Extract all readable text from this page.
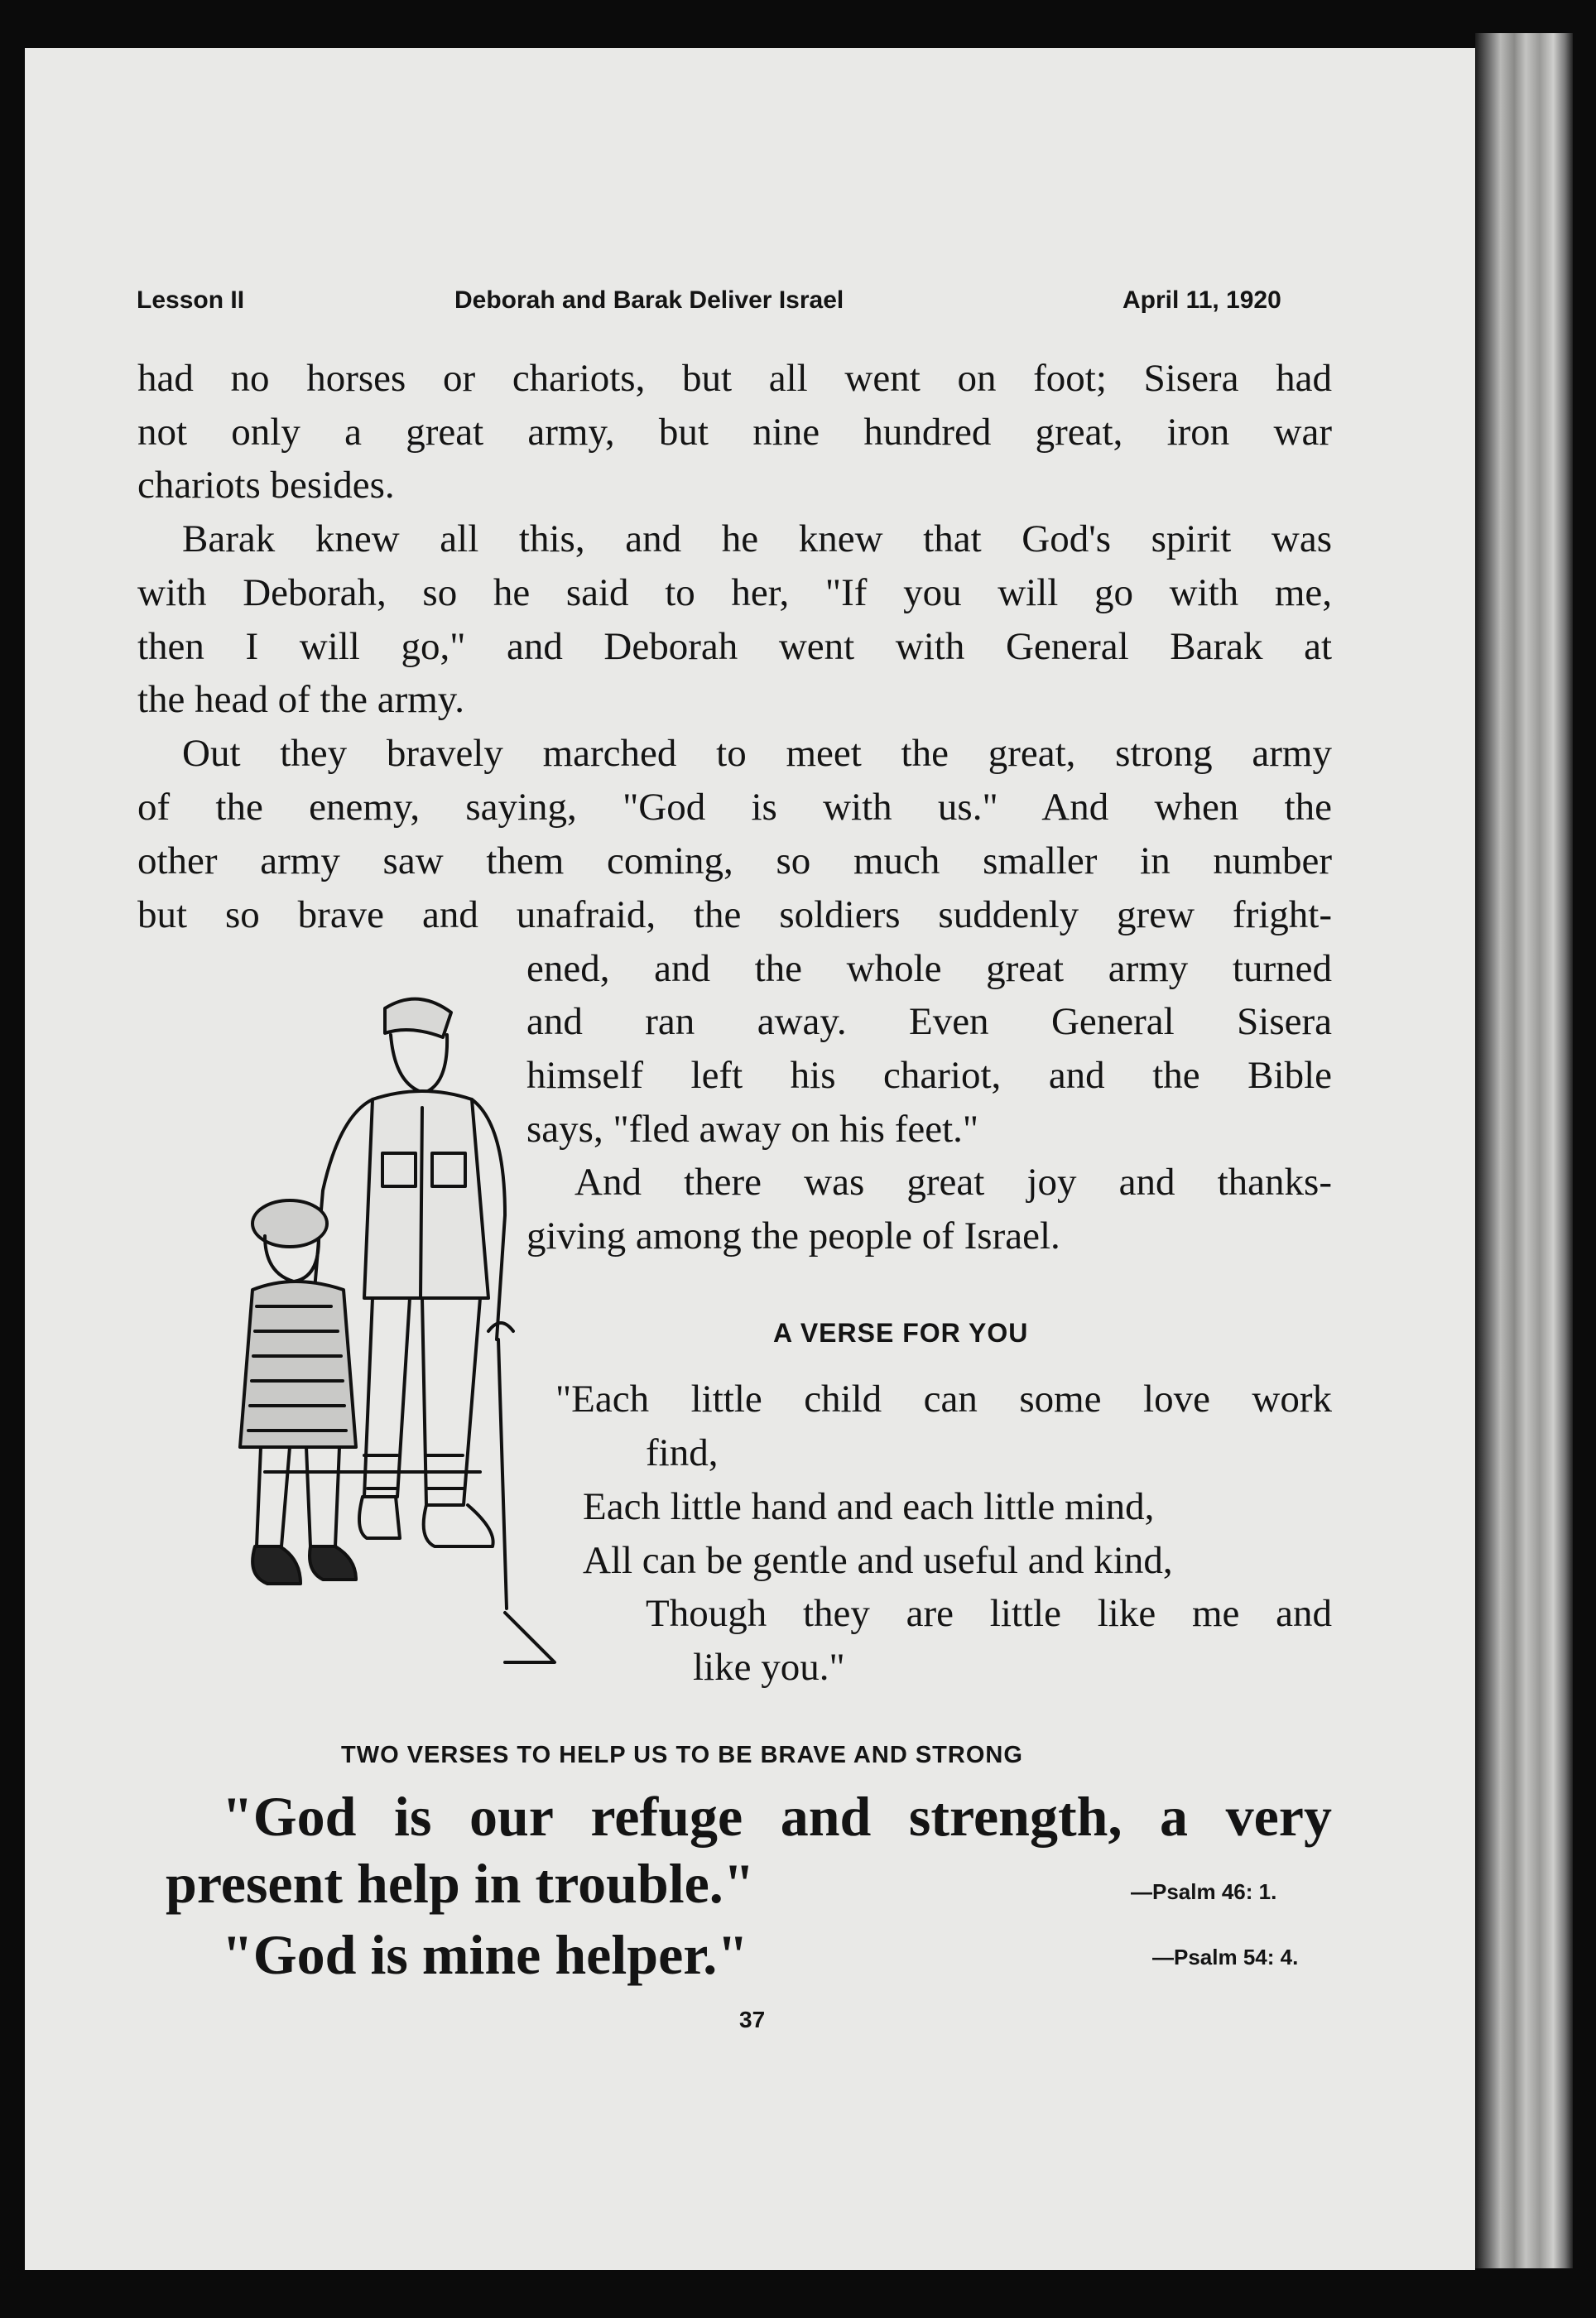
Lesson II	Deborah and Barak Deliver Israel	April 11, 1920

had no horses or chariots, but all went on foot; Sisera had

not only a great army, but nine hundred great, iron war

chariots besides.

Barak knew all this, and he knew that God's spirit was

with Deborah, so he said to her, "If you will go with me,

then I will go," and Deborah went with General Barak at

the head of the army.

Out they bravely marched to meet the great, strong army

of the enemy, saying, "God is with us." And when the

other army saw them coming, so much smaller in number

but so brave and unafraid, the soldiers suddenly grew fright-

ened, and the whole great army turned

and ran away. Even General Sisera

himself left his chariot, and the Bible

says, "fled away on his feet."

And there was great joy and thanks-

giving among the people of Israel.

A VERSE FOR YOU

"Each little child can some love work

find,

Each little hand and each little mind,

All can be gentle and useful and kind,

Though they are little like me and

like you."

TWO VERSES TO HELP US TO BE BRAVE AND STRONG

"God is our refuge and strength, a very

present help in trouble."	—Psalm 46: 1.

"God is mine helper."	—Psalm 54: 4.

37
